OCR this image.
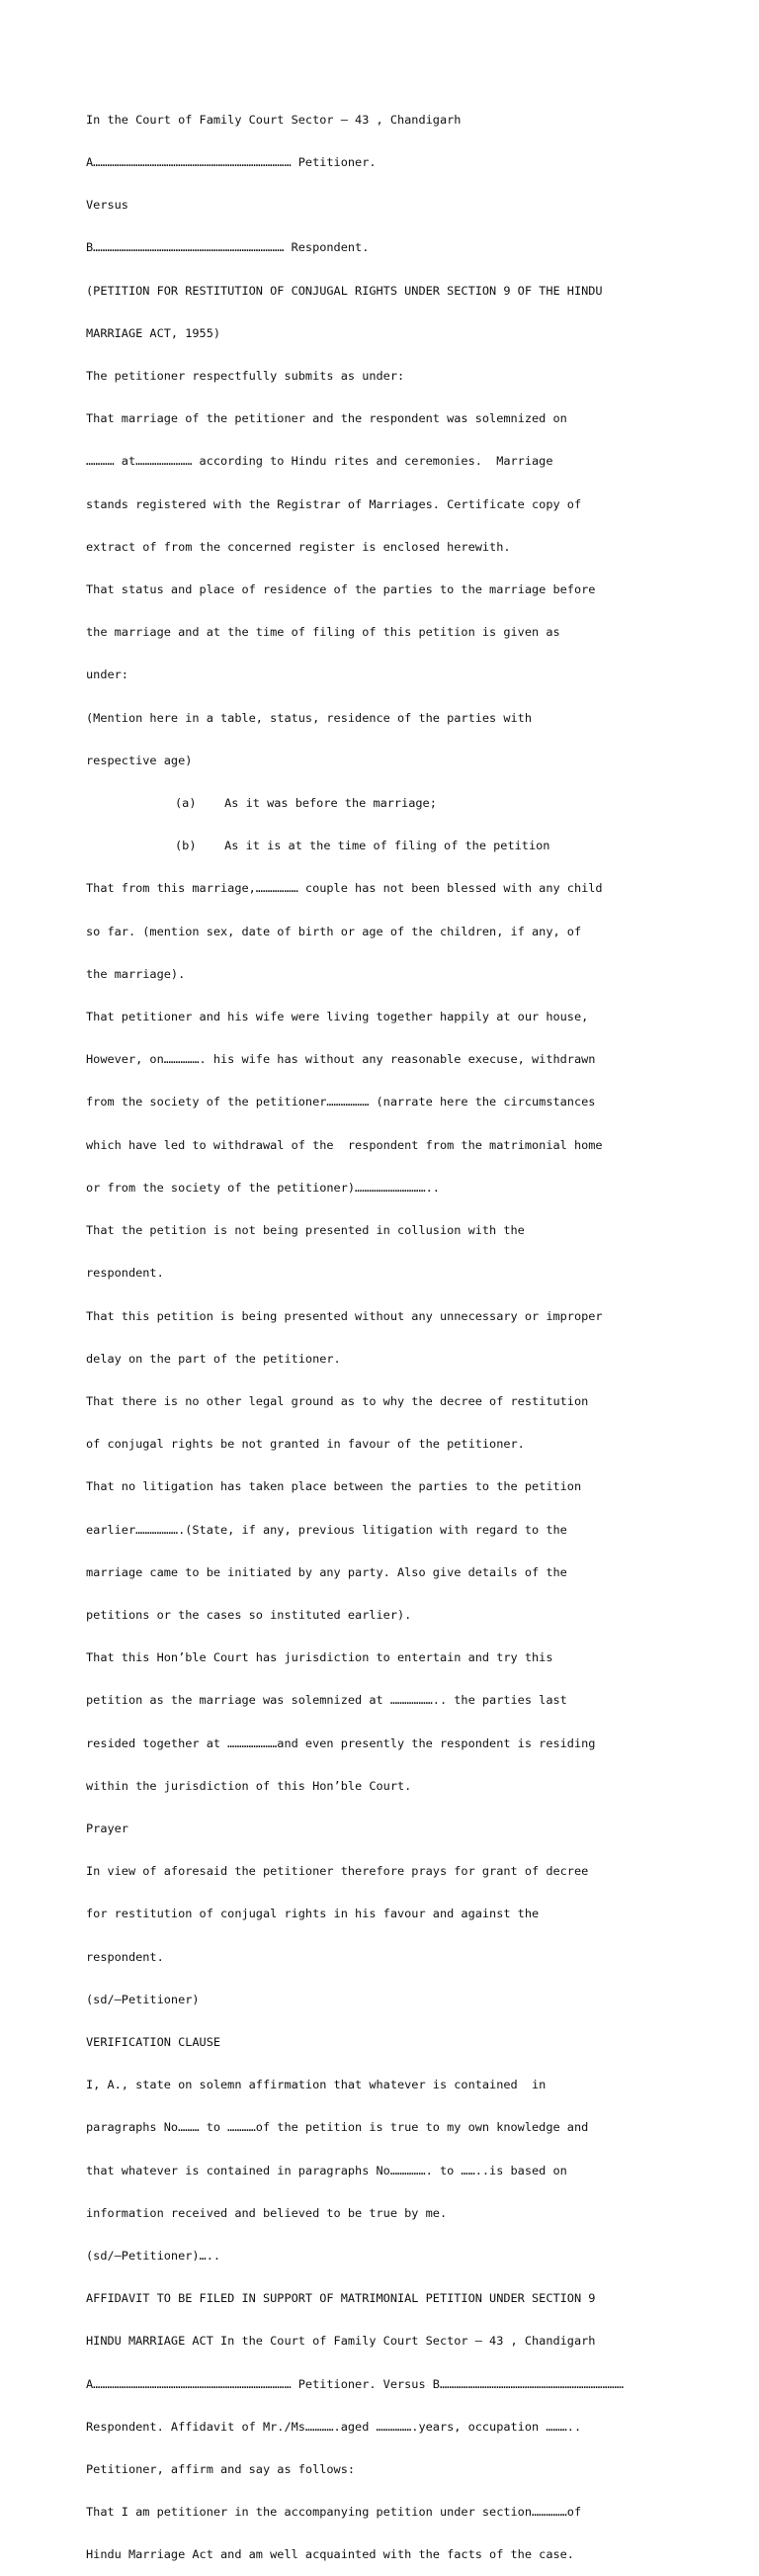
In the Court of Family Court Sector – 43 , Chandigarh

A………………………………………………………………………… Petitioner.

Versus

B……………………………………………………………………… Respondent.

(PETITION FOR RESTITUTION OF CONJUGAL RIGHTS UNDER SECTION 9 OF THE HINDU

MARRIAGE ACT, 1955)

The petitioner respectfully submits as under:

That marriage of the petitioner and the respondent was solemnized on

………… at…………………… according to Hindu rites and ceremonies.  Marriage

stands registered with the Registrar of Marriages. Certificate copy of

extract of from the concerned register is enclosed herewith.

That status and place of residence of the parties to the marriage before

the marriage and at the time of filing of this petition is given as

under:

(Mention here in a table, status, residence of the parties with

respective age)

(a)    As it was before the marriage;

(b)    As it is at the time of filing of the petition

That from this marriage,……………… couple has not been blessed with any child

so far. (mention sex, date of birth or age of the children, if any, of

the marriage).

That petitioner and his wife were living together happily at our house,

However, on……………. his wife has without any reasonable execuse, withdrawn

from the society of the petitioner……………… (narrate here the circumstances

which have led to withdrawal of the  respondent from the matrimonial home

or from the society of the petitioner)…………………………..

That the petition is not being presented in collusion with the

respondent.

That this petition is being presented without any unnecessary or improper

delay on the part of the petitioner.

That there is no other legal ground as to why the decree of restitution

of conjugal rights be not granted in favour of the petitioner.

That no litigation has taken place between the parties to the petition

earlier……………….(State, if any, previous litigation with regard to the

marriage came to be initiated by any party. Also give details of the

petitions or the cases so instituted earlier).

That this Hon’ble Court has jurisdiction to entertain and try this

petition as the marriage was solemnized at ……………….. the parties last

resided together at …………………and even presently the respondent is residing

within the jurisdiction of this Hon’ble Court.

Prayer

In view of aforesaid the petitioner therefore prays for grant of decree

for restitution of conjugal rights in his favour and against the

respondent.

(sd/–Petitioner)

VERIFICATION CLAUSE

I, A., state on solemn affirmation that whatever is contained  in

paragraphs No……… to …………of the petition is true to my own knowledge and

that whatever is contained in paragraphs No……………. to ……..is based on

information received and believed to be true by me.

(sd/–Petitioner)…..

AFFIDAVIT TO BE FILED IN SUPPORT OF MATRIMONIAL PETITION UNDER SECTION 9

HINDU MARRIAGE ACT In the Court of Family Court Sector – 43 , Chandigarh

A………………………………………………………………………… Petitioner. Versus B……………………………………………………………………

Respondent. Affidavit of Mr./Ms………….aged …………….years, occupation ………..

Petitioner, affirm and say as follows:

That I am petitioner in the accompanying petition under section……………of

Hindu Marriage Act and am well acquainted with the facts of the case.
